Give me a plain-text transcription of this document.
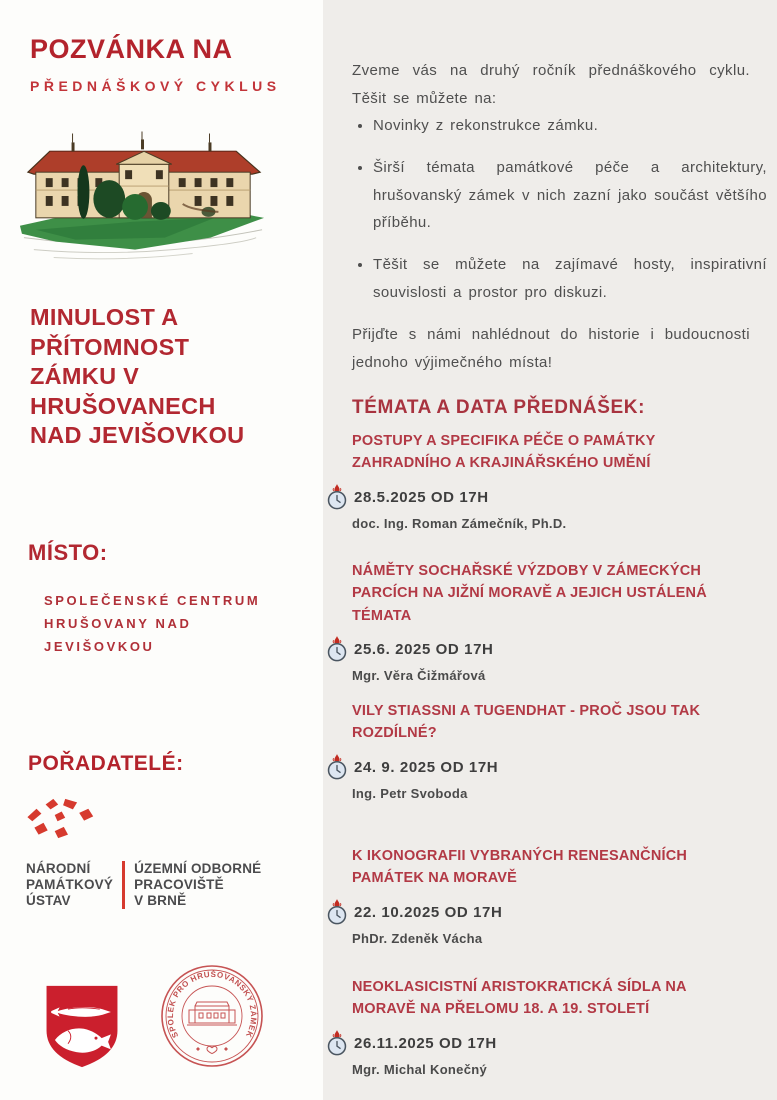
POZVÁNKA NA
PŘEDNÁŠKOVÝ CYKLUS
MINULOST A
PŘÍTOMNOST
ZÁMKU V
HRUŠOVANECH
NAD JEVIŠOVKOU
MÍSTO:
SPOLEČENSKÉ CENTRUM
HRUŠOVANY NAD
JEVIŠOVKOU
POŘADATELÉ:
NÁRODNÍ
PAMÁTKOVÝ
ÚSTAV
ÚZEMNÍ ODBORNÉ
PRACOVIŠTĚ
V BRNĚ
SPOLEK PRO HRUŠOVANSKÝ ZÁMEK

Zveme vás na druhý ročník přednáškového cyklu. Těšit se můžete na:

• Novinky z rekonstrukce zámku.
• Širší témata památkové péče a architektury, hrušovanský zámek v nich zazní jako součást většího příběhu.
• Těšit se můžete na zajímavé hosty, inspirativní souvislosti a prostor pro diskuzi.

Přijďte s námi nahlédnout do historie i budoucnosti jednoho výjimečného místa!

TÉMATA A DATA PŘEDNÁŠEK:
POSTUPY A SPECIFIKA PÉČE O PAMÁTKY ZAHRADNÍHO A KRAJINÁŘSKÉHO UMĚNÍ
28.5.2025 OD 17H
doc. Ing. Roman Zámečník, Ph.D.
NÁMĚTY SOCHAŘSKÉ VÝZDOBY V ZÁMECKÝCH PARCÍCH NA JIŽNÍ MORAVĚ A JEJICH USTÁLENÁ TÉMATA
25.6. 2025 OD 17H
Mgr. Věra Čižmářová
VILY STIASSNI A TUGENDHAT - PROČ JSOU TAK ROZDÍLNÉ?
24. 9. 2025 OD 17H
Ing. Petr Svoboda
K IKONOGRAFII VYBRANÝCH RENESANČNÍCH PAMÁTEK NA MORAVĚ
22. 10.2025 OD 17H
PhDr. Zdeněk Vácha
NEOKLASICISTNÍ ARISTOKRATICKÁ SÍDLA NA MORAVĚ NA PŘELOMU 18. A 19. STOLETÍ
26.11.2025 OD 17H
Mgr. Michal Konečný
